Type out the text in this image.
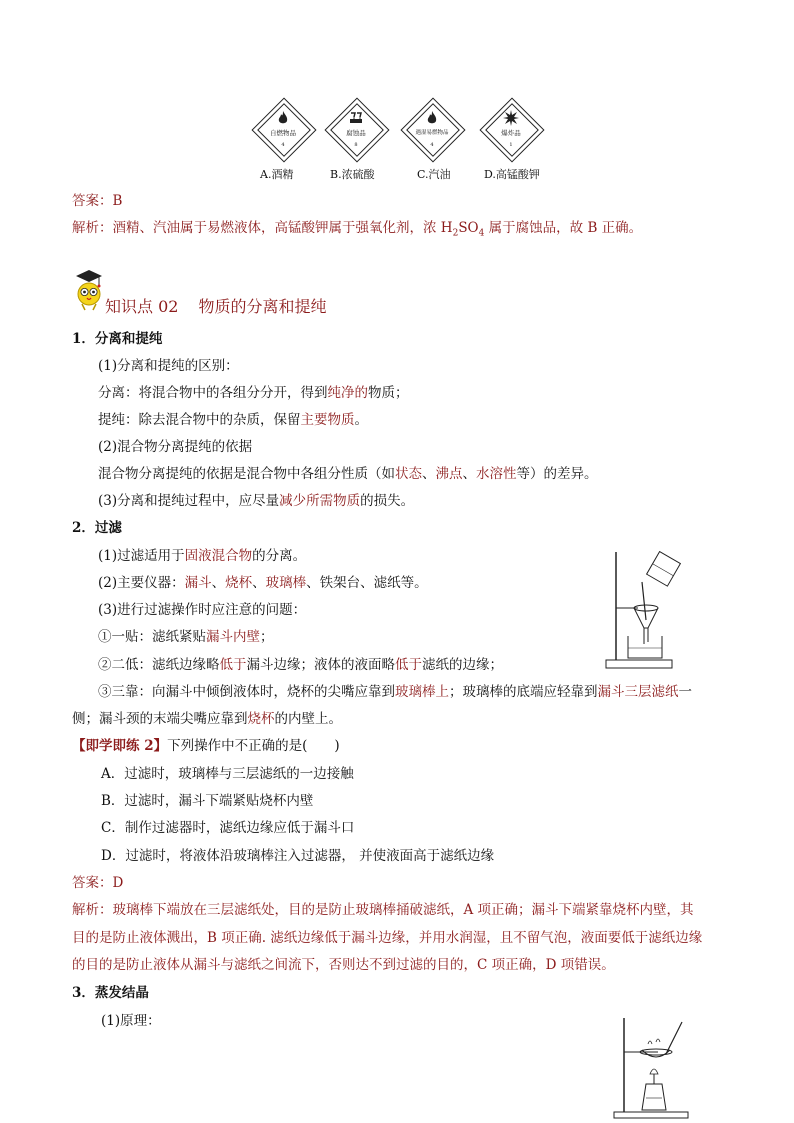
自燃物品
4
A.酒精
腐蚀品
8
B.浓硫酸
遇湿易燃物品
4
C.汽油
爆炸品
1
D.高锰酸钾
答案：B
解析：酒精、汽油属于易燃液体，高锰酸钾属于强氧化剂，浓 $H_2SO_4$ 属于腐蚀品，故 B 正确。
知识点 02 物质的分离和提纯
1．分离和提纯
(1)分离和提纯的区别：
分离：将混合物中的各组分分开，得到纯净的物质；
提纯：除去混合物中的杂质，保留主要物质。
(2)混合物分离提纯的依据
混合物分离提纯的依据是混合物中各组分性质（如状态、沸点、水溶性等）的差异。
(3)分离和提纯过程中，应尽量减少所需物质的损失。
2．过滤
(1)过滤适用于固液混合物的分离。
(2)主要仪器：漏斗、烧杯、玻璃棒、铁架台、滤纸等。
(3)进行过滤操作时应注意的问题：
①一贴：滤纸紧贴漏斗内壁；
②二低：滤纸边缘略低于漏斗边缘；液体的液面略低于滤纸的边缘；
③三靠：向漏斗中倾倒液体时，烧杯的尖嘴应靠到玻璃棒上；玻璃棒的底端应轻靠到漏斗三层滤纸一
侧；漏斗颈的末端尖嘴应靠到烧杯的内壁上。
【即学即练 2】下列操作中不正确的是(　　)
A．过滤时，玻璃棒与三层滤纸的一边接触
B．过滤时，漏斗下端紧贴烧杯内壁
C．制作过滤器时，滤纸边缘应低于漏斗口
D．过滤时，将液体沿玻璃棒注入过滤器， 并使液面高于滤纸边缘
答案：D
解析：玻璃棒下端放在三层滤纸处，目的是防止玻璃棒捅破滤纸，A 项正确；漏斗下端紧靠烧杯内壁，其
目的是防止液体溅出，B 项正确. 滤纸边缘低于漏斗边缘，并用水润湿，且不留气泡，液面要低于滤纸边缘
的目的是防止液体从漏斗与滤纸之间流下，否则达不到过滤的目的，C 项正确，D 项错误。
3．蒸发结晶
(1)原理：
